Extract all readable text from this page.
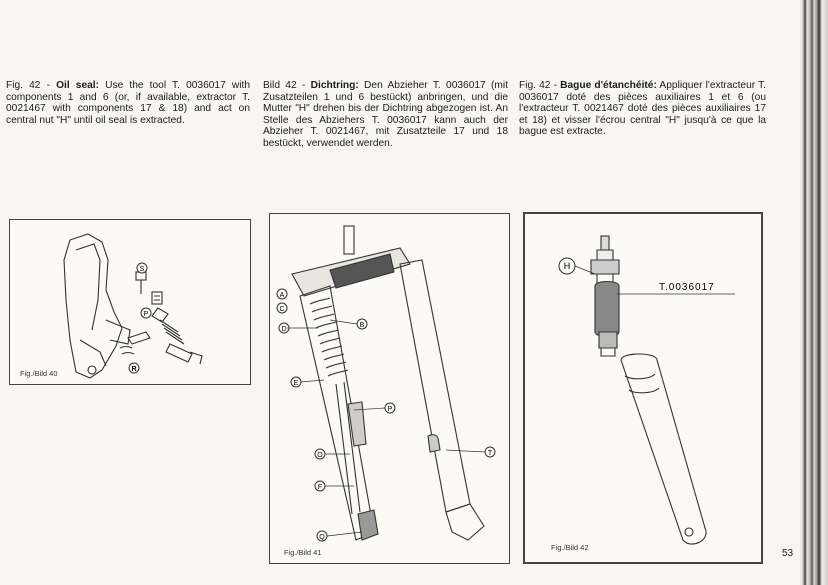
Fig. 42 - Oil seal: Use the tool T. 0036017 with components 1 and 6 (or, if available, extractor T. 0021467 with components 17 & 18) and act on central nut "H" until oil seal is extracted.
Bild 42 - Dichtring: Den Abzieher T. 0036017 (mit Zusatzteilen 1 und 6 bestückt) anbringen, und die Mutter "H" drehen bis der Dichtring abgezogen ist. An Stelle des Abziehers T. 0036017 kann auch der Abzieher T. 0021467, mit Zusatzteile 17 und 18 bestückt, verwendet werden.
Fig. 42 - Bague d'étanchéité: Appliquer l'extracteur T. 0036017 doté des pièces auxiliaires 1 et 6 (ou l'extracteur T. 0021467 doté des pièces auxiliaires 17 et 18) et visser l'écrou central "H" jusqu'à ce que la bague est extracte.
S
P
R
Fig./Bild 40
A
C
D
B
E
P
T
O
F
Q
Fig./Bild 41
H
T.0036017
Fig./Bild 42
53
